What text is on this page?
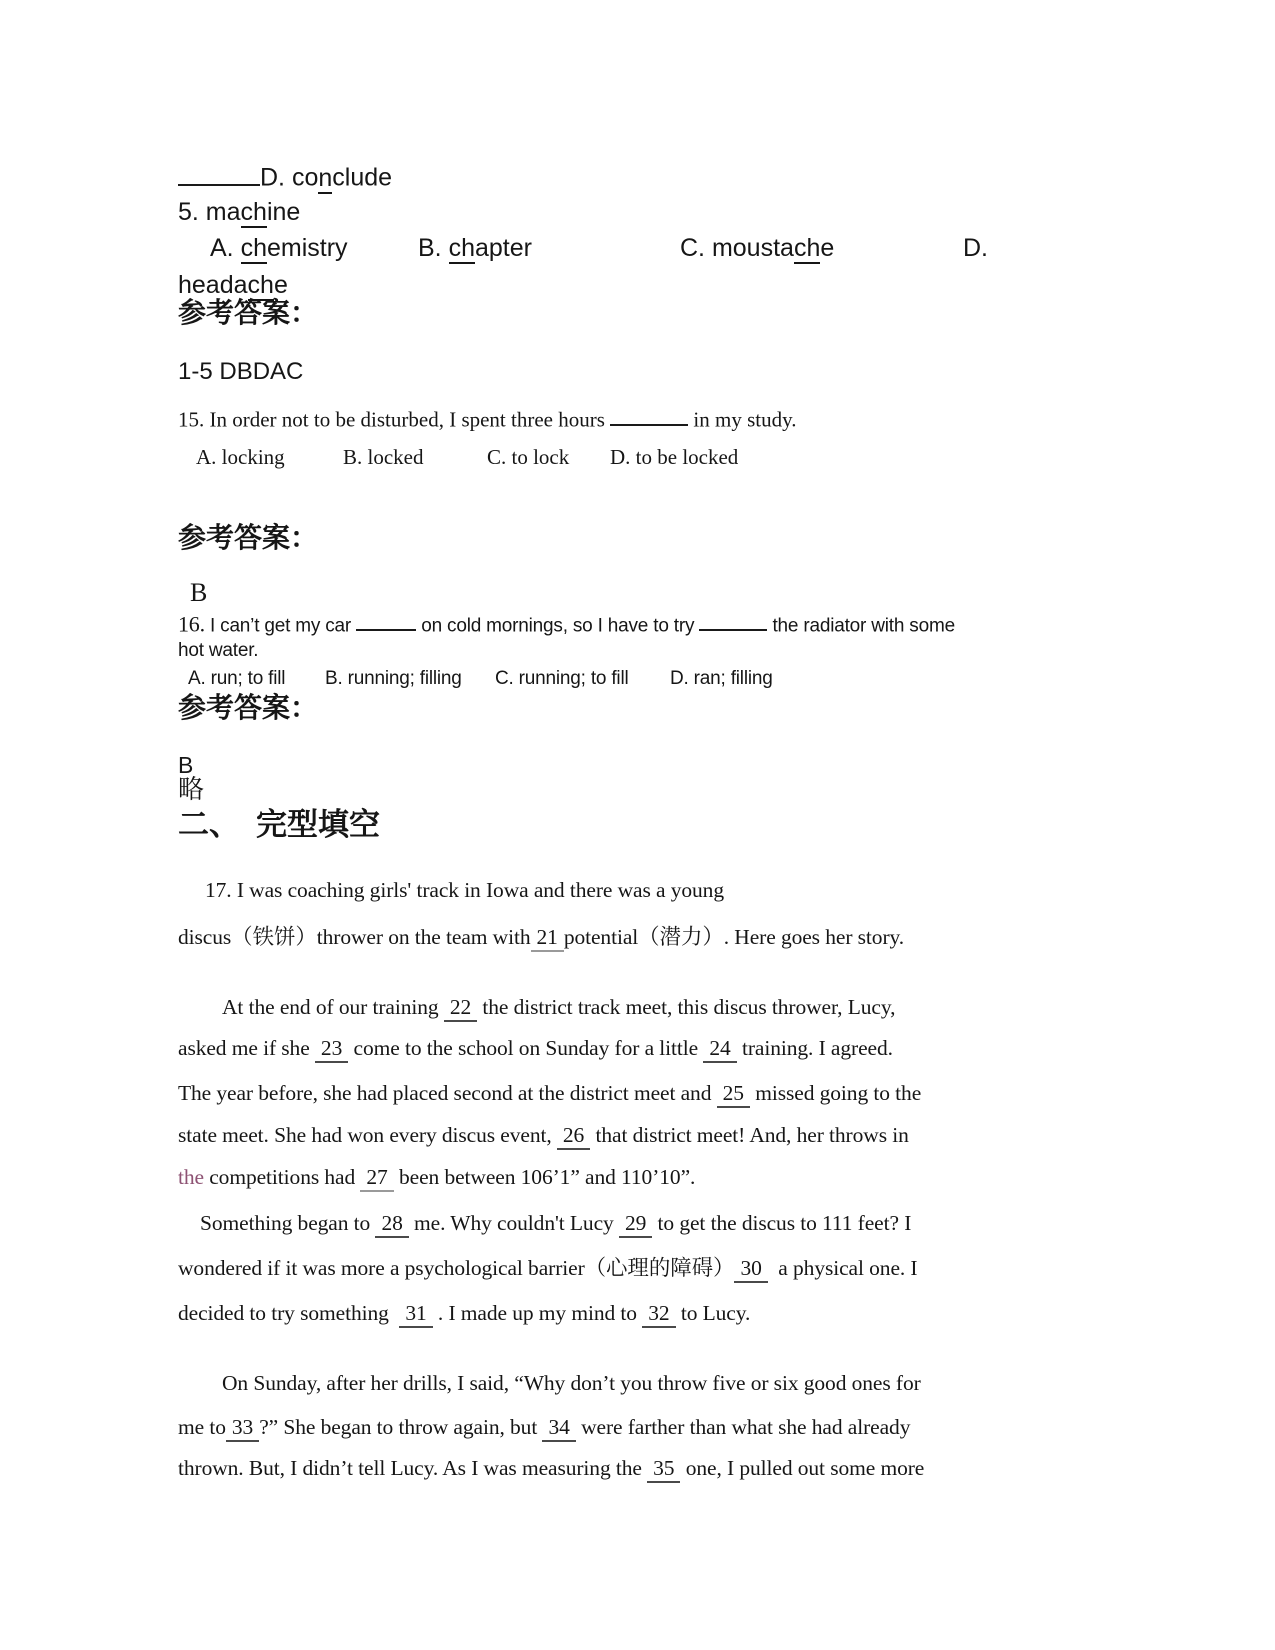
D. conclude
5. machine

A. chemistry

	B. chapter

	C. moustache

	D.

headache
参考答案：
1-5 DBDAC
15. In order not to be disturbed, I spent three hours	in my study.

A. locking

	B. locked

	C. to lock

D. to be locked

参考答案：
B
16. I can’t get my car	on cold mornings, so I have to try	the radiator with some
hot water.

A. run; to fill

B. running; filling

C. running; to fill

D. ran; filling

参考答案：
B
略
二、 完型填空
17. I was coaching girls' track in Iowa and there was a young
discus（铁饼）thrower on the team with 21 potential（潜力）. Here goes her story.
At the end of our training 22 the district track meet, this discus thrower, Lucy,
asked me if she 23 come to the school on Sunday for a little 24 training. I agreed.
The year before, she had placed second at the district meet and 25 missed going to the
state meet. She had won every discus event, 26 that district meet! And, her throws in
the competitions had 27 been between 106’1” and 110’10”.
Something began to 28 me. Why couldn't Lucy 29 to get the discus to 111 feet? I
wondered if it was more a psychological barrier（心理的障碍） 30  a physical one. I
decided to try something  31 . I made up my mind to 32 to Lucy.
On Sunday, after her drills, I said, “Why don’t you throw five or six good ones for
me to 33 ?” She began to throw again, but 34 were farther than what she had already
thrown. But, I didn’t tell Lucy. As I was measuring the 35 one, I pulled out some more
